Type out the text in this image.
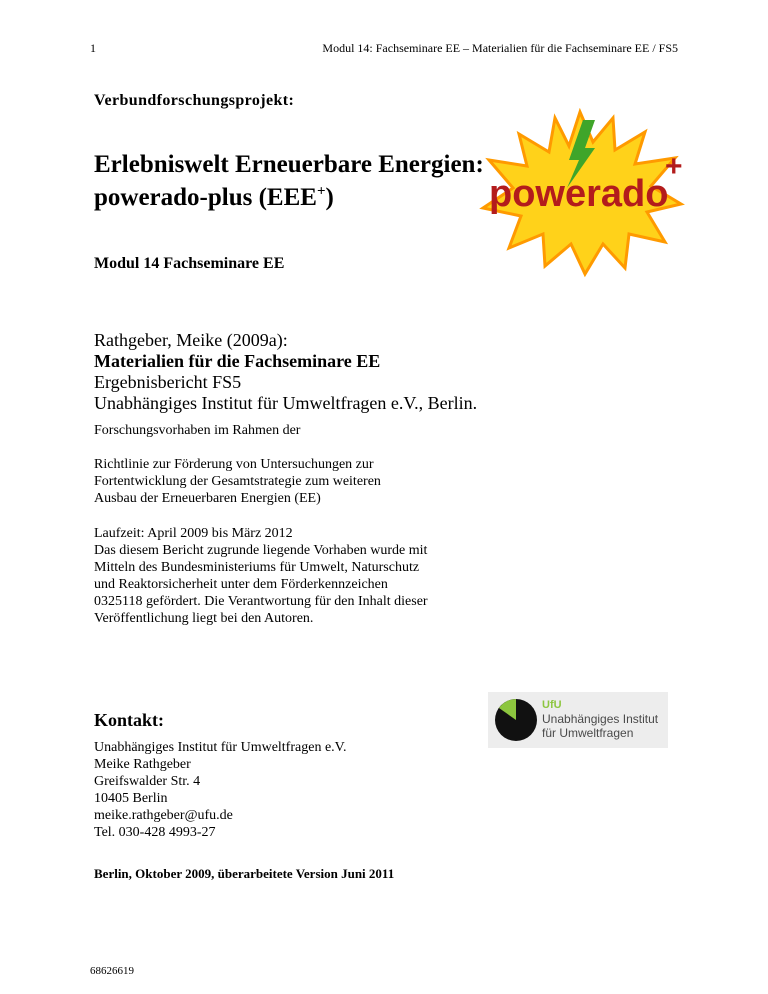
1	Modul 14: Fachseminare EE – Materialien für die Fachseminare EE / FS5
Verbundforschungsprojekt:
Erlebniswelt Erneuerbare Energien:
powerado-plus (EEE+)	powerado
+
Modul 14 Fachseminare EE
Rathgeber, Meike (2009a):
Materialien für die Fachseminare EE
Ergebnisbericht FS5
Unabhängiges Institut für Umweltfragen e.V., Berlin.
Forschungsvorhaben im Rahmen der
Richtlinie zur Förderung von Untersuchungen zur
Fortentwicklung der Gesamtstrategie zum weiteren
Ausbau der Erneuerbaren Energien (EE)
Laufzeit: April 2009 bis März 2012
Das diesem Bericht zugrunde liegende Vorhaben wurde mit
Mitteln des Bundesministeriums für Umwelt, Naturschutz
und Reaktorsicherheit unter dem Förderkennzeichen
0325118 gefördert. Die Verantwortung für den Inhalt dieser
Veröffentlichung liegt bei den Autoren.
UfU
Unabhängiges Institut
für Umweltfragen
Kontakt:
Unabhängiges Institut für Umweltfragen e.V.
Meike Rathgeber
Greifswalder Str. 4
10405 Berlin
meike.rathgeber@ufu.de
Tel. 030-428 4993-27
Berlin, Oktober 2009, überarbeitete Version Juni 2011
68626619
